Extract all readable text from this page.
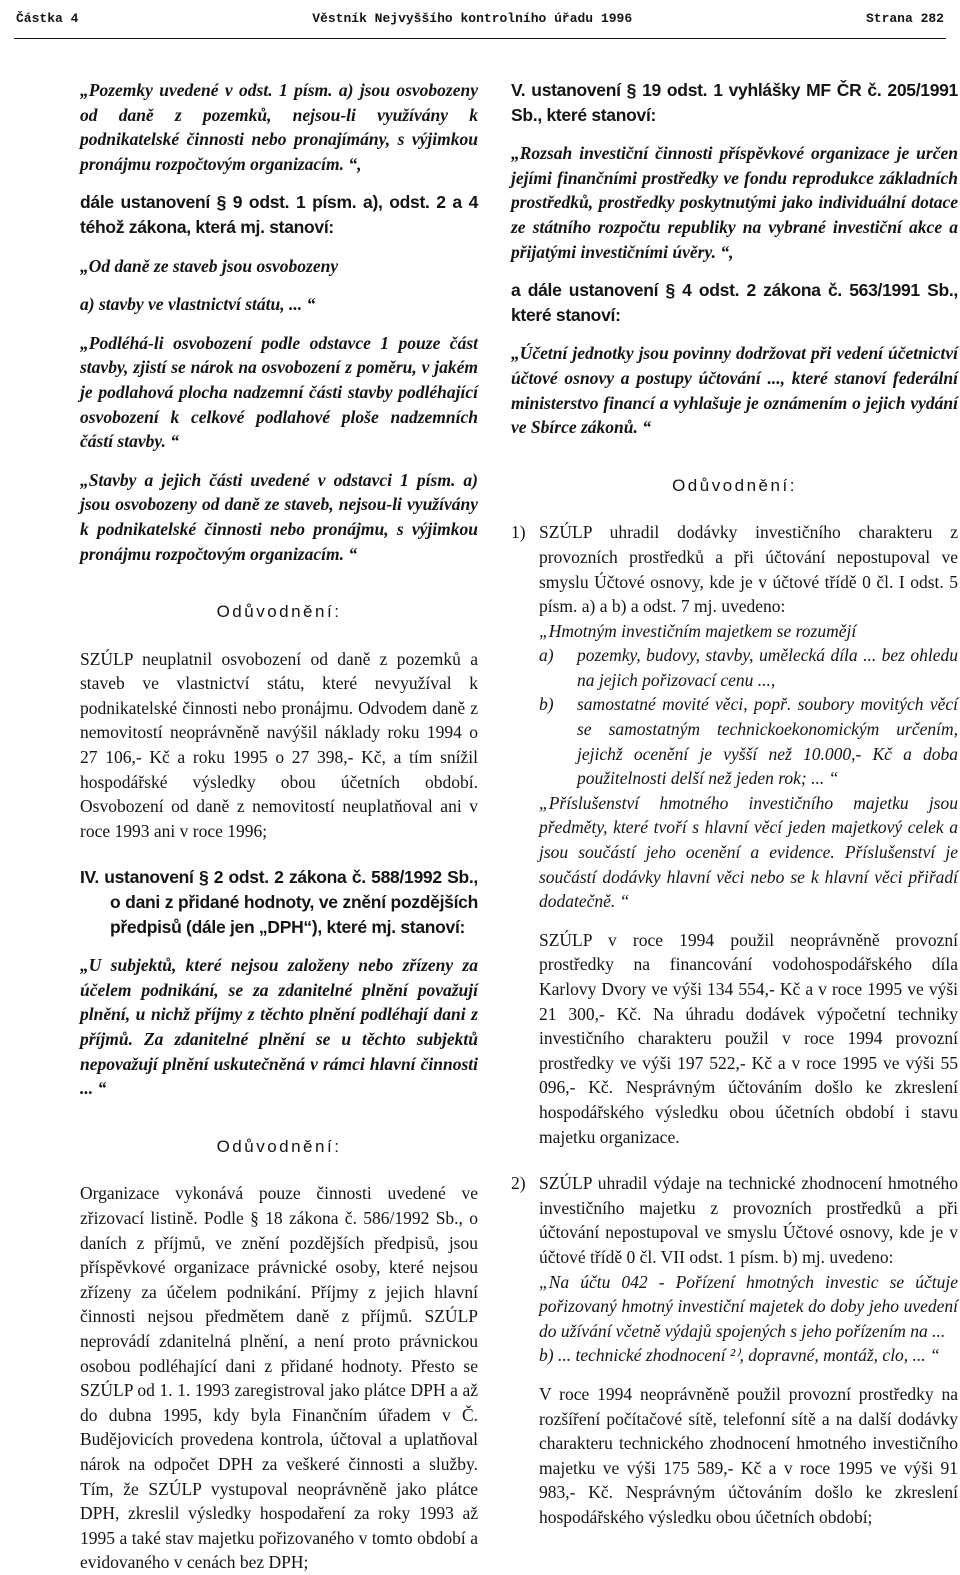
Částka 4	Věstník Nejvyššího kontrolního úřadu 1996	Strana 282

„Pozemky uvedené v odst. 1 písm. a) jsou osvobozeny od daně z pozemků, nejsou-li využívány k podnikatelské činnosti nebo pronajímány, s výjimkou pronájmu rozpočtovým organizacím. “,

dále ustanovení § 9 odst. 1 písm. a), odst. 2 a 4 téhož zákona, která mj. stanoví:

„Od daně ze staveb jsou osvobozeny

a) stavby ve vlastnictví státu, ... “

„Podléhá-li osvobození podle odstavce 1 pouze část stavby, zjistí se nárok na osvobození z poměru, v jakém je podlahová plocha nadzemní části stavby podléhající osvobození k celkové podlahové ploše nadzemních částí stavby. “

„Stavby a jejich části uvedené v odstavci 1 písm. a) jsou osvobozeny od daně ze staveb, nejsou-li využívány k podnikatelské činnosti nebo pronájmu, s výjimkou pronájmu rozpočtovým organizacím. “

Odůvodnění:

SZÚLP neuplatnil osvobození od daně z pozemků a staveb ve vlastnictví státu, které nevyužíval k podnikatelské činnosti nebo pronájmu. Odvodem daně z nemovitostí neoprávněně navýšil náklady roku 1994 o 27 106,- Kč a roku 1995 o 27 398,- Kč, a tím snížil hospodářské výsledky obou účetních období. Osvobození od daně z nemovitostí neuplatňoval ani v roce 1993 ani v roce 1996;

IV. ustanovení § 2 odst. 2 zákona č. 588/1992 Sb., o dani z přidané hodnoty, ve znění pozdějších předpisů (dále jen „DPH“), které mj. stanoví:

„U subjektů, které nejsou založeny nebo zřízeny za účelem podnikání, se za zdanitelné plnění považují plnění, u nichž příjmy z těchto plnění podléhají dani z příjmů. Za zdanitelné plnění se u těchto subjektů nepovažují plnění uskutečněná v rámci hlavní činnosti ... “

Odůvodnění:

Organizace vykonává pouze činnosti uvedené ve zřizovací listině. Podle § 18 zákona č. 586/1992 Sb., o daních z příjmů, ve znění pozdějších předpisů, jsou příspěvkové organizace právnické osoby, které nejsou zřízeny za účelem podnikání. Příjmy z jejich hlavní činnosti nejsou předmětem daně z příjmů. SZÚLP neprovádí zdanitelná plnění, a není proto právnickou osobou podléhající dani z přidané hodnoty. Přesto se SZÚLP od 1. 1. 1993 zaregistroval jako plátce DPH a až do dubna 1995, kdy byla Finančním úřadem v Č. Budějovicích provedena kontrola, účtoval a uplatňoval nárok na odpočet DPH za veškeré činnosti a služby. Tím, že SZÚLP vystupoval neoprávněně jako plátce DPH, zkreslil výsledky hospodaření za roky 1993 až 1995 a také stav majetku pořizovaného v tomto období a evidovaného v cenách bez DPH;

V. ustanovení § 19 odst. 1 vyhlášky MF ČR č. 205/1991 Sb., které stanoví:

„Rozsah investiční činnosti příspěvkové organizace je určen jejími finančními prostředky ve fondu reprodukce základních prostředků, prostředky poskytnutými jako individuální dotace ze státního rozpočtu republiky na vybrané investiční akce a přijatými investičními úvěry. “,

a dále ustanovení § 4 odst. 2 zákona č. 563/1991 Sb., které stanoví:

„Účetní jednotky jsou povinny dodržovat při vedení účetnictví účtové osnovy a postupy účtování ..., které stanoví federální ministerstvo financí a vyhlašuje je oznámením o jejich vydání ve Sbírce zákonů. “

Odůvodnění:

1) SZÚLP uhradil dodávky investičního charakteru z provozních prostředků a při účtování nepostupoval ve smyslu Účtové osnovy, kde je v účtové třídě 0 čl. I odst. 5 písm. a) a b) a odst. 7 mj. uvedeno:

„Hmotným investičním majetkem se rozumějí

a) pozemky, budovy, stavby, umělecká díla ... bez ohledu na jejich pořizovací cenu ...,

b) samostatné movité věci, popř. soubory movitých věcí se samostatným technickoekonomickým určením, jejichž ocenění je vyšší než 10.000,- Kč a doba použitelnosti delší než jeden rok; ... “

„Příslušenství hmotného investičního majetku jsou předměty, které tvoří s hlavní věcí jeden majetkový celek a jsou součástí jeho ocenění a evidence. Příslušenství je součástí dodávky hlavní věci nebo se k hlavní věci přiřadí dodatečně. “

SZÚLP v roce 1994 použil neoprávněně provozní prostředky na financování vodohospodářského díla Karlovy Dvory ve výši 134 554,- Kč a v roce 1995 ve výši 21 300,- Kč. Na úhradu dodávek výpočetní techniky investičního charakteru použil v roce 1994 provozní prostředky ve výši 197 522,- Kč a v roce 1995 ve výši 55 096,- Kč. Nesprávným účtováním došlo ke zkreslení hospodářského výsledku obou účetních období i stavu majetku organizace.

2) SZÚLP uhradil výdaje na technické zhodnocení hmotného investičního majetku z provozních prostředků a při účtování nepostupoval ve smyslu Účtové osnovy, kde je v účtové třídě 0 čl. VII odst. 1 písm. b) mj. uvedeno:

„Na účtu 042 - Pořízení hmotných investic se účtuje pořizovaný hmotný investiční majetek do doby jeho uvedení do užívání včetně výdajů spojených s jeho pořízením na ...

b) ... technické zhodnocení ²⁾, dopravné, montáž, clo, ... “

V roce 1994 neoprávněně použil provozní prostředky na rozšíření počítačové sítě, telefonní sítě a na další dodávky charakteru technického zhodnocení hmotného investičního majetku ve výši 175 589,- Kč a v roce 1995 ve výši 91 983,- Kč. Nesprávným účtováním došlo ke zkreslení hospodářského výsledku obou účetních období;
